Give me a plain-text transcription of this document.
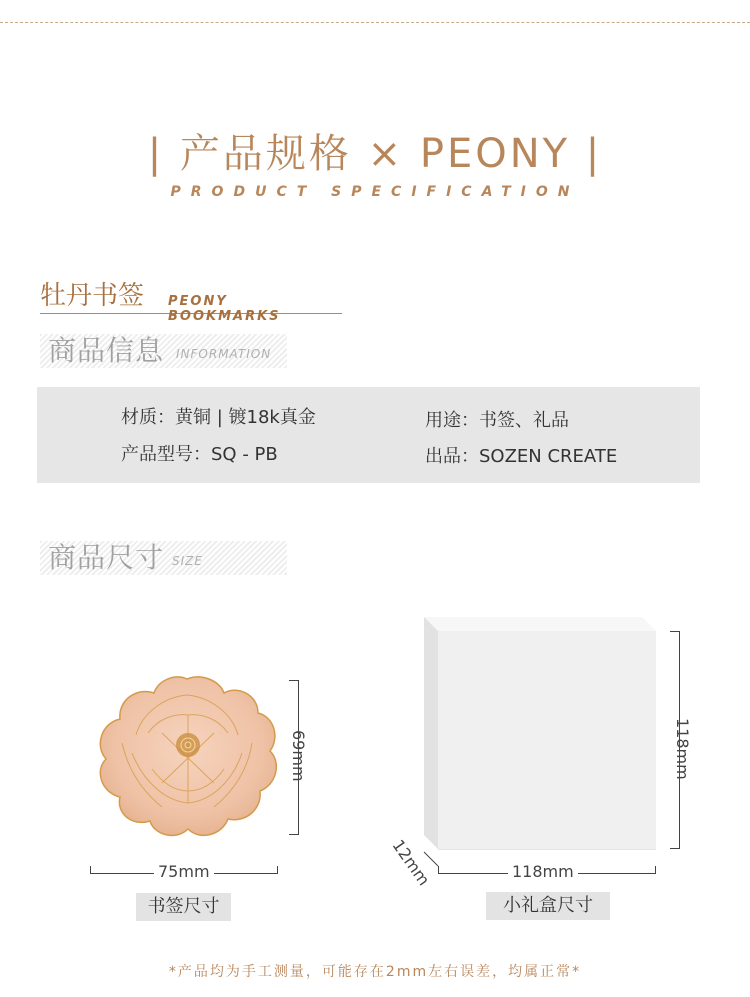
| 产品规格 × PEONY |
PRODUCT SPECIFICATION
牡丹书签 PEONY BOOKMARKS
商品信息 INFORMATION
材质：黄铜 | 镀18k真金	用途：书签、礼品
产品型号：SQ - PB	出品：SOZEN CREATE
商品尺寸 SIZE
69mm
75mm
书签尺寸
118mm
118mm
12mm
小礼盒尺寸
*产品均为手工测量，可能存在2mm左右误差，均属正常*
